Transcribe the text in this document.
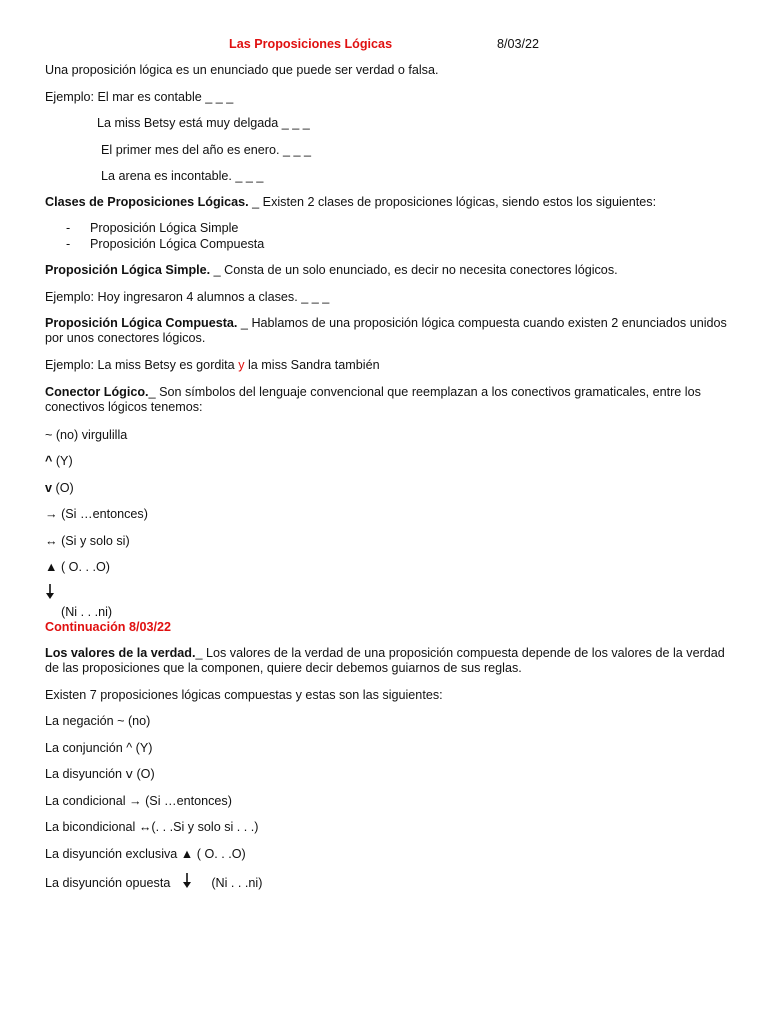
Las Proposiciones Lógicas	8/03/22
Una proposición lógica es un enunciado que puede ser verdad o falsa.
Ejemplo: El mar es contable _ _ _
La miss Betsy está muy delgada _ _ _
El primer mes del año es enero. _ _ _
La arena es incontable. _ _ _
Clases de Proposiciones Lógicas. _ Existen 2 clases de proposiciones lógicas, siendo estos los siguientes:
- Proposición Lógica Simple
- Proposición Lógica Compuesta
Proposición Lógica Simple. _ Consta de un solo enunciado, es decir no necesita conectores lógicos.
Ejemplo: Hoy ingresaron 4 alumnos a clases. _ _ _
Proposición Lógica Compuesta. _ Hablamos de una proposición lógica compuesta cuando existen 2 enunciados unidos por unos conectores lógicos.
Ejemplo: La miss Betsy es gordita y la miss Sandra también
Conector Lógico._ Son símbolos del lenguaje convencional que reemplazan a los conectivos gramaticales, entre los conectivos lógicos tenemos:
~ (no) virgulilla
^ (Y)
v (O)
→ (Si …entonces)
↔ (Si y solo si)
▲ ( O. . .O)
(Ni . . .ni)
Continuación 8/03/22
Los valores de la verdad._ Los valores de la verdad de una proposición compuesta depende de los valores de la verdad de las proposiciones que la componen, quiere decir debemos guiarnos de sus reglas.
Existen 7 proposiciones lógicas compuestas y estas son las siguientes:
La negación ~ (no)
La conjunción ^ (Y)
La disyunción ⅴ (O)
La condicional → (Si …entonces)
La bicondicional ↔(. . .Si y solo si . . .)
La disyunción exclusiva ▲ ( O. . .O)
La disyunción opuesta	(Ni . . .ni)
